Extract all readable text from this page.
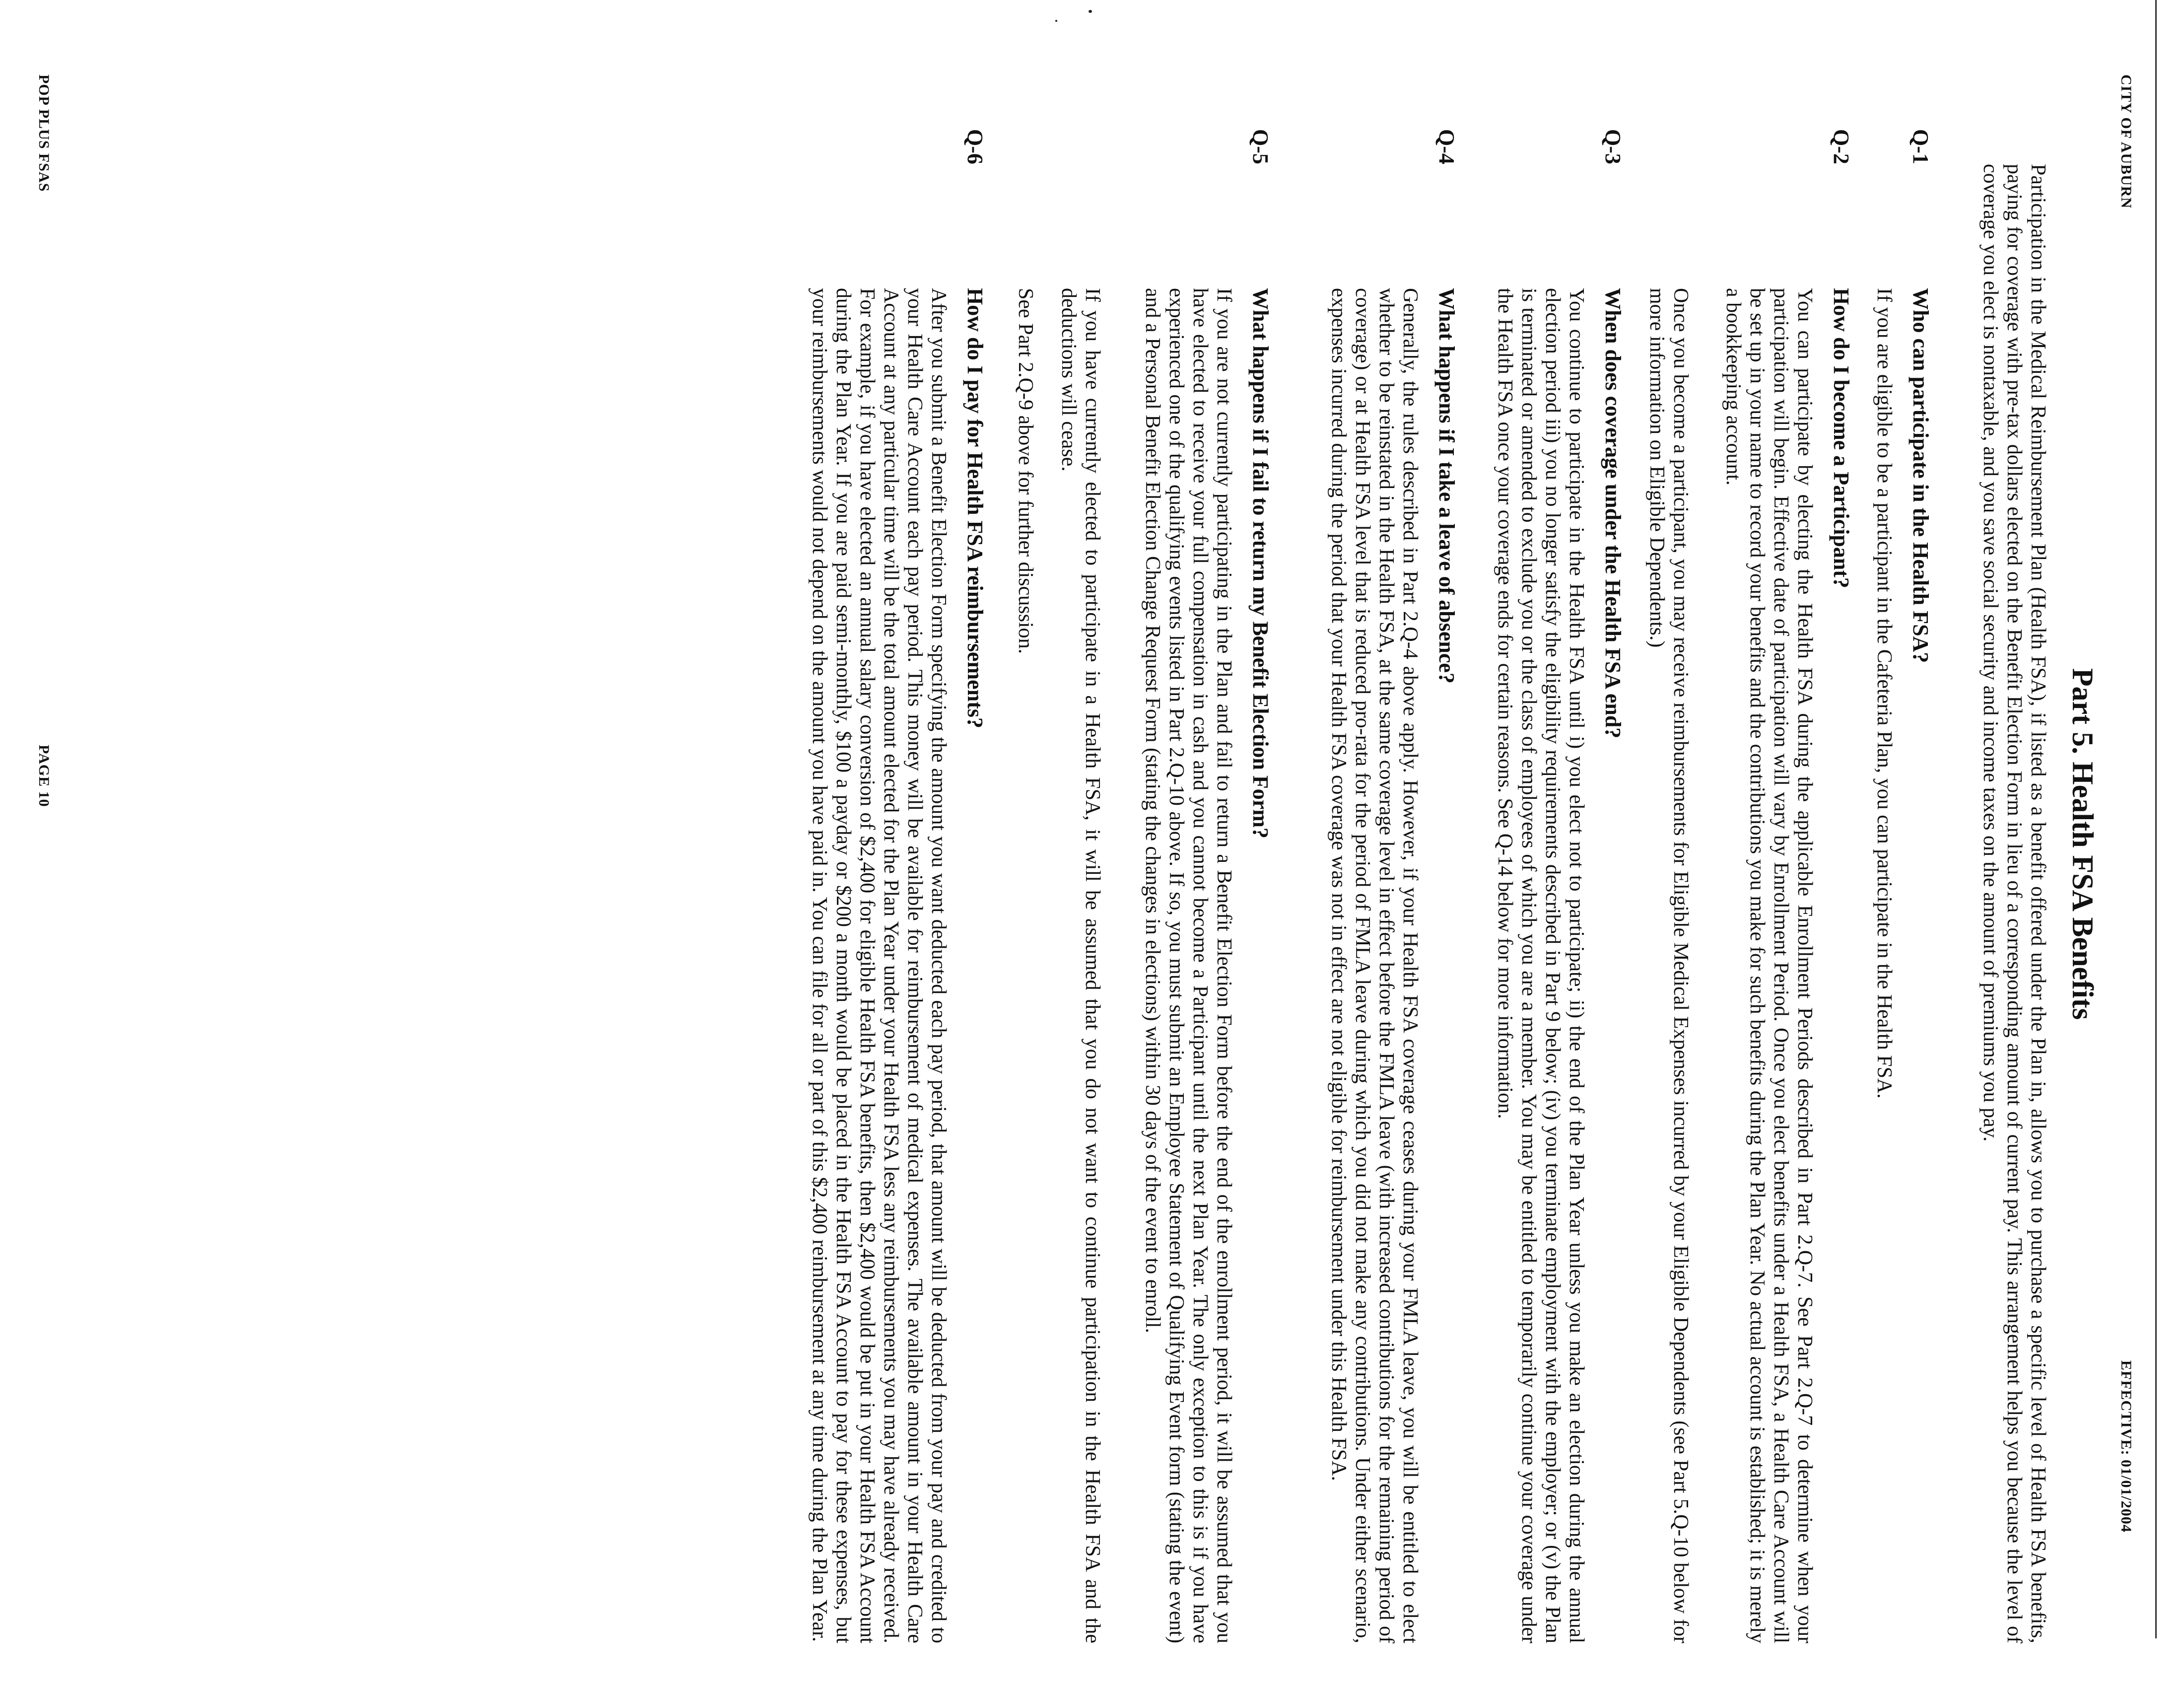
CITY OF AUBURN
EFFECTIVE: 01/01/2004
Part 5. Health FSA Benefits

Participation in the Medical Reimbursement Plan (Health FSA), if listed as a benefit offered under the Plan in, allows you to purchase a specific level of Health FSA benefits, paying for coverage with pre-tax dollars elected on the Benefit Election Form in lieu of a corresponding amount of current pay. This arrangement helps you because the level of coverage you elect is nontaxable, and you save social security and income taxes on the amount of premiums you pay.

Q-1
Who can participate in the Health FSA?

If you are eligible to be a participant in the Cafeteria Plan, you can participate in the Health FSA.

Q-2
How do I become a Participant?

You can participate by electing the Health FSA during the applicable Enrollment Periods described in Part 2.Q-7. See Part 2.Q-7 to determine when your participation will begin. Effective date of participation will vary by Enrollment Period. Once you elect benefits under a Health FSA, a Health Care Account will be set up in your name to record your benefits and the contributions you make for such benefits during the Plan Year. No actual account is established; it is merely a bookkeeping account.

Once you become a participant, you may receive reimbursements for Eligible Medical Expenses incurred by your Eligible Dependents (see Part 5.Q-10 below for more information on Eligible Dependents.)

Q-3
When does coverage under the Health FSA end?

You continue to participate in the Health FSA until i) you elect not to participate; ii) the end of the Plan Year unless you make an election during the annual election period iii) you no longer satisfy the eligibility requirements described in Part 9 below; (iv) you terminate employment with the employer; or (v) the Plan is terminated or amended to exclude you or the class of employees of which you are a member. You may be entitled to temporarily continue your coverage under the Health FSA once your coverage ends for certain reasons. See Q-14 below for more information.

Q-4
What happens if I take a leave of absence?

Generally, the rules described in Part 2.Q-4 above apply. However, if your Health FSA coverage ceases during your FMLA leave, you will be entitled to elect whether to be reinstated in the Health FSA, at the same coverage level in effect before the FMLA leave (with increased contributions for the remaining period of coverage) or at Health FSA level that is reduced pro-rata for the period of FMLA leave during which you did not make any contributions. Under either scenario, expenses incurred during the period that your Health FSA coverage was not in effect are not eligible for reimbursement under this Health FSA.

Q-5
What happens if I fail to return my Benefit Election Form?

If you are not currently participating in the Plan and fail to return a Benefit Election Form before the end of the enrollment period, it will be assumed that you have elected to receive your full compensation in cash and you cannot become a Participant until the next Plan Year. The only exception to this is if you have experienced one of the qualifying events listed in Part 2.Q-10 above. If so, you must submit an Employee Statement of Qualifying Event form (stating the event) and a Personal Benefit Election Change Request Form (stating the changes in elections) within 30 days of the event to enroll.

If you have currently elected to participate in a Health FSA, it will be assumed that you do not want to continue participation in the Health FSA and the deductions will cease.

See Part 2.Q-9 above for further discussion.

Q-6
How do I pay for Health FSA reimbursements?

After you submit a Benefit Election Form specifying the amount you want deducted each pay period, that amount will be deducted from your pay and credited to your Health Care Account each pay period. This money will be available for reimbursement of medical expenses. The available amount in your Health Care Account at any particular time will be the total amount elected for the Plan Year under your Health FSA less any reimbursements you may have already received. For example, if you have elected an annual salary conversion of $2,400 for eligible Health FSA benefits, then $2,400 would be put in your Health FSA Account during the Plan Year. If you are paid semi-monthly, $100 a payday or $200 a month would be placed in the Health FSA Account to pay for these expenses, but your reimbursements would not depend on the amount you have paid in. You can file for all or part of this $2,400 reimbursement at any time during the Plan Year.

POP PLUS FSAS
PAGE 10
